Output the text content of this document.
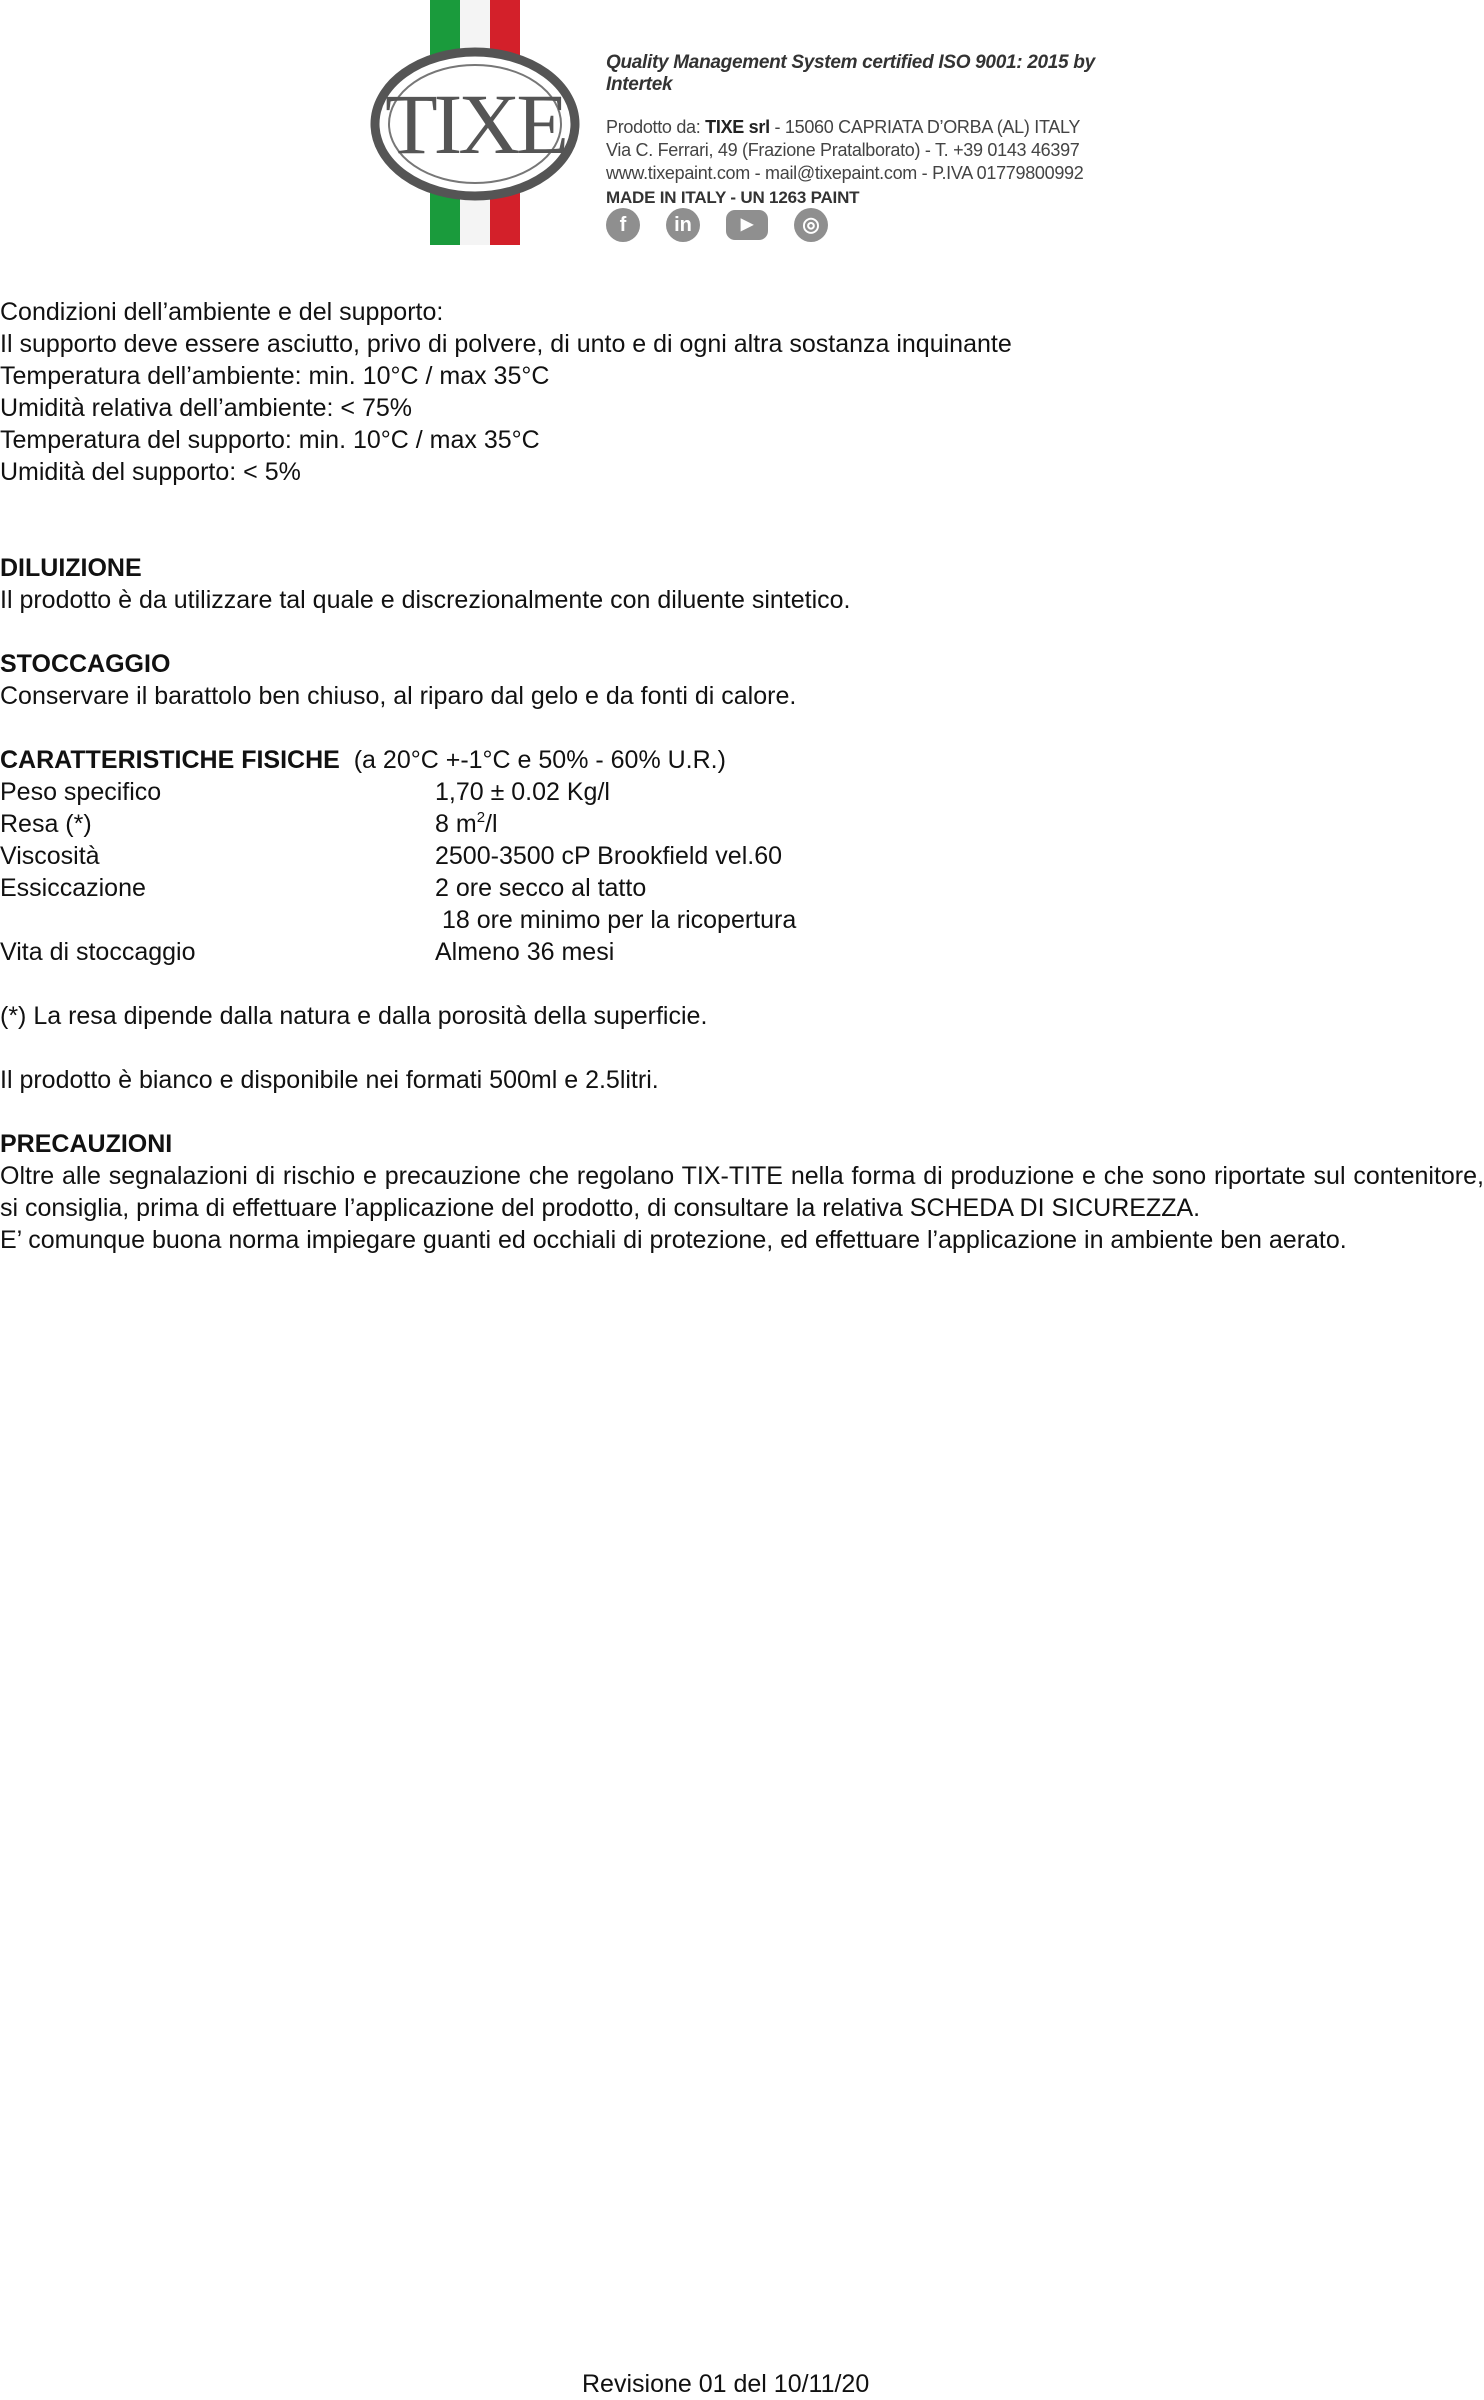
TIXE
Quality Management System certified ISO 9001: 2015 by Intertek
Prodotto da: TIXE srl - 15060 CAPRIATA D’ORBA (AL) ITALY
Via C. Ferrari, 49 (Frazione Pratalborato) - T. +39 0143 46397
www.tixepaint.com - mail@tixepaint.com - P.IVA 01779800992
MADE IN ITALY - UN 1263 PAINT
f	in	▶	◎

Condizioni dell’ambiente e del supporto:

Il supporto deve essere asciutto, privo di polvere, di unto e di ogni altra sostanza inquinante

Temperatura dell’ambiente: min. 10°C / max 35°C

Umidità relativa dell’ambiente: < 75%

Temperatura del supporto: min. 10°C / max 35°C

Umidità del supporto: < 5%

DILUIZIONE

Il prodotto è da utilizzare tal quale e discrezionalmente con diluente sintetico.

STOCCAGGIO

Conservare il barattolo ben chiuso, al riparo dal gelo e da fonti di calore.

CARATTERISTICHE FISICHE (a 20°C +-1°C e 50% - 60% U.R.)

Peso specifico	1,70 ± 0.02 Kg/l
Resa (*)	8 $m^2/l$
Viscosità	2500-3500 cP Brookfield vel.60
Essiccazione	2 ore secco al tatto
18 ore minimo per la ricopertura
Vita di stoccaggio	Almeno 36 mesi

(*) La resa dipende dalla natura e dalla porosità della superficie.

Il prodotto è bianco e disponibile nei formati 500ml e 2.5litri.

PRECAUZIONI

Oltre alle segnalazioni di rischio e precauzione che regolano TIX-TITE nella forma di produzione e che sono riportate sul contenitore, si consiglia, prima di effettuare l’applicazione del prodotto, di consultare la relativa SCHEDA DI SICUREZZA.

E’ comunque buona norma impiegare guanti ed occhiali di protezione, ed effettuare l’applicazione in ambiente ben aerato.

Revisione 01 del 10/11/20
